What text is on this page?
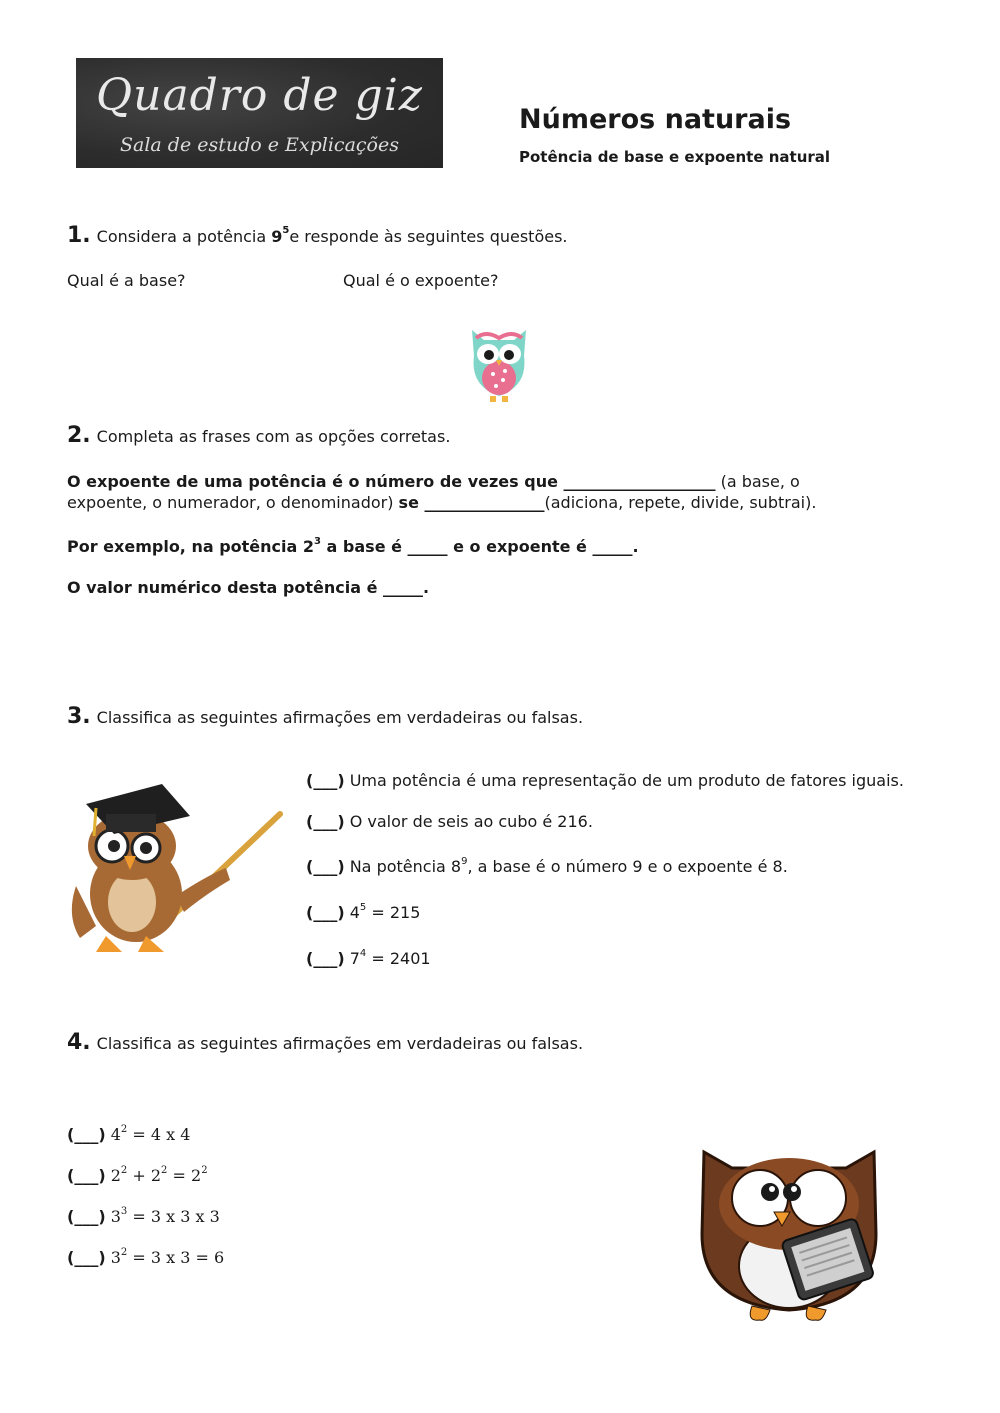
Quadro de giz
Sala de estudo e Explicações
Números naturais
Potência de base e expoente natural
1. Considera a potência $9^5e$ responde às seguintes questões.
Qual é a base?	Qual é o expoente?
2. Completa as frases com as opções corretas.
O expoente de uma potência é o número de vezes que ___________________ (a base, o
expoente, o numerador, o denominador) se _______________(adiciona, repete, divide, subtrai).
Por exemplo, na potência $2^3$ a base é _____ e o expoente é _____.
O valor numérico desta potência é _____.
3. Classifica as seguintes afirmações em verdadeiras ou falsas.
(___) Uma potência é uma representação de um produto de fatores iguais.
(___) O valor de seis ao cubo é 216.
(___) Na potência $8^9$, a base é o número 9 e o expoente é 8.
(___) $4^5 = 215$
(___) $7^4 = 2401$
4. Classifica as seguintes afirmações em verdadeiras ou falsas.
(___) $4^2 = 4$ x 4
(___) $2^2 + 2^2 = 2^2$
(___) $3^3 = 3$ x 3 x 3
(___) $3^2 = 3$ x 3 = 6
